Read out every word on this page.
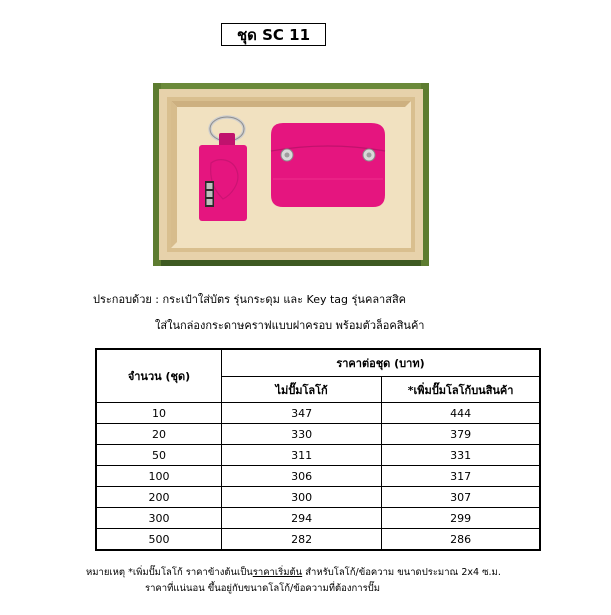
ชุด SC 11
ประกอบด้วย : กระเป๋าใส่บัตร รุ่นกระดุม และ Key tag รุ่นคลาสสิค
ใส่ในกล่องกระดาษคราฟแบบฝาครอบ พร้อมตัวล็อคสินค้า
จำนวน (ชุด)	ราคาต่อชุด (บาท)	
	ไม่ปั๊มโลโก้	*เพิ่มปั๊มโลโก้บนสินค้า
10	347	444
20	330	379
50	311	331
100	306	317
200	300	307
300	294	299
500	282	286
หมายเหตุ *เพิ่มปั๊มโลโก้ ราคาข้างต้นเป็นราคาเริ่มต้น สำหรับโลโก้/ข้อความ ขนาดประมาณ 2x4 ซ.ม.
ราคาที่แน่นอน ขึ้นอยู่กับขนาดโลโก้/ข้อความที่ต้องการปั๊ม
